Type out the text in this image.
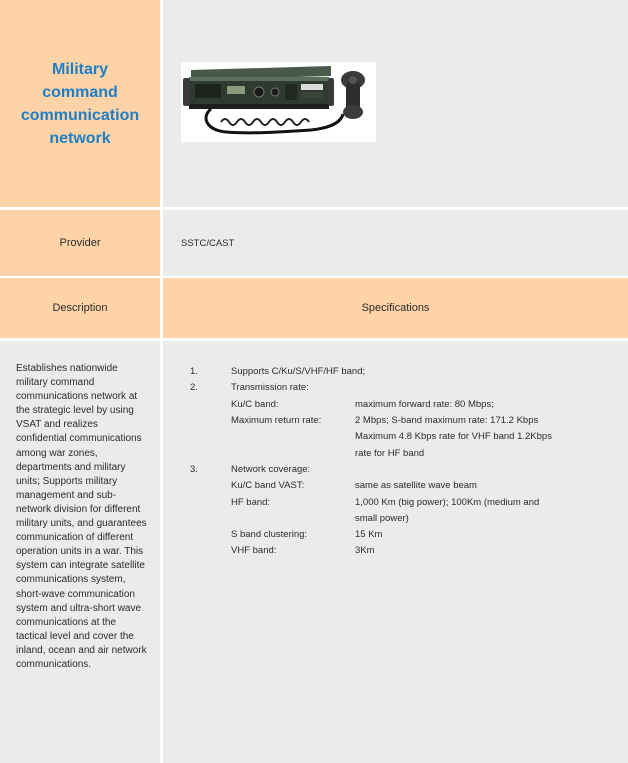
Military command communication network
Provider	SSTC/CAST
Description	Specifications
Establishes nationwide military command communications network at the strategic level by using VSAT and realizes confidential communications among war zones, departments and military units; Supports military management and sub-network division for different military units, and guarantees communication of different operation units in a war. This system can integrate satellite communications system, short-wave communication system and ultra-short wave communications at the tactical level and cover the inland, ocean and air network communications.
1.	Supports C/Ku/S/VHF/HF band;
2.	Transmission rate:
Ku/C band:	maximum forward rate: 80 Mbps;
Maximum return rate:	2 Mbps; S-band maximum rate: 171.2 Kbps
Maximum 4.8 Kbps rate for VHF band 1.2Kbps
rate for HF band
3.	Network coverage:
Ku/C band VAST:	same as satellite wave beam
HF band:	1,000 Km (big power); 100Km (medium and
small power)
S band clustering:	15 Km
VHF band:	3Km
